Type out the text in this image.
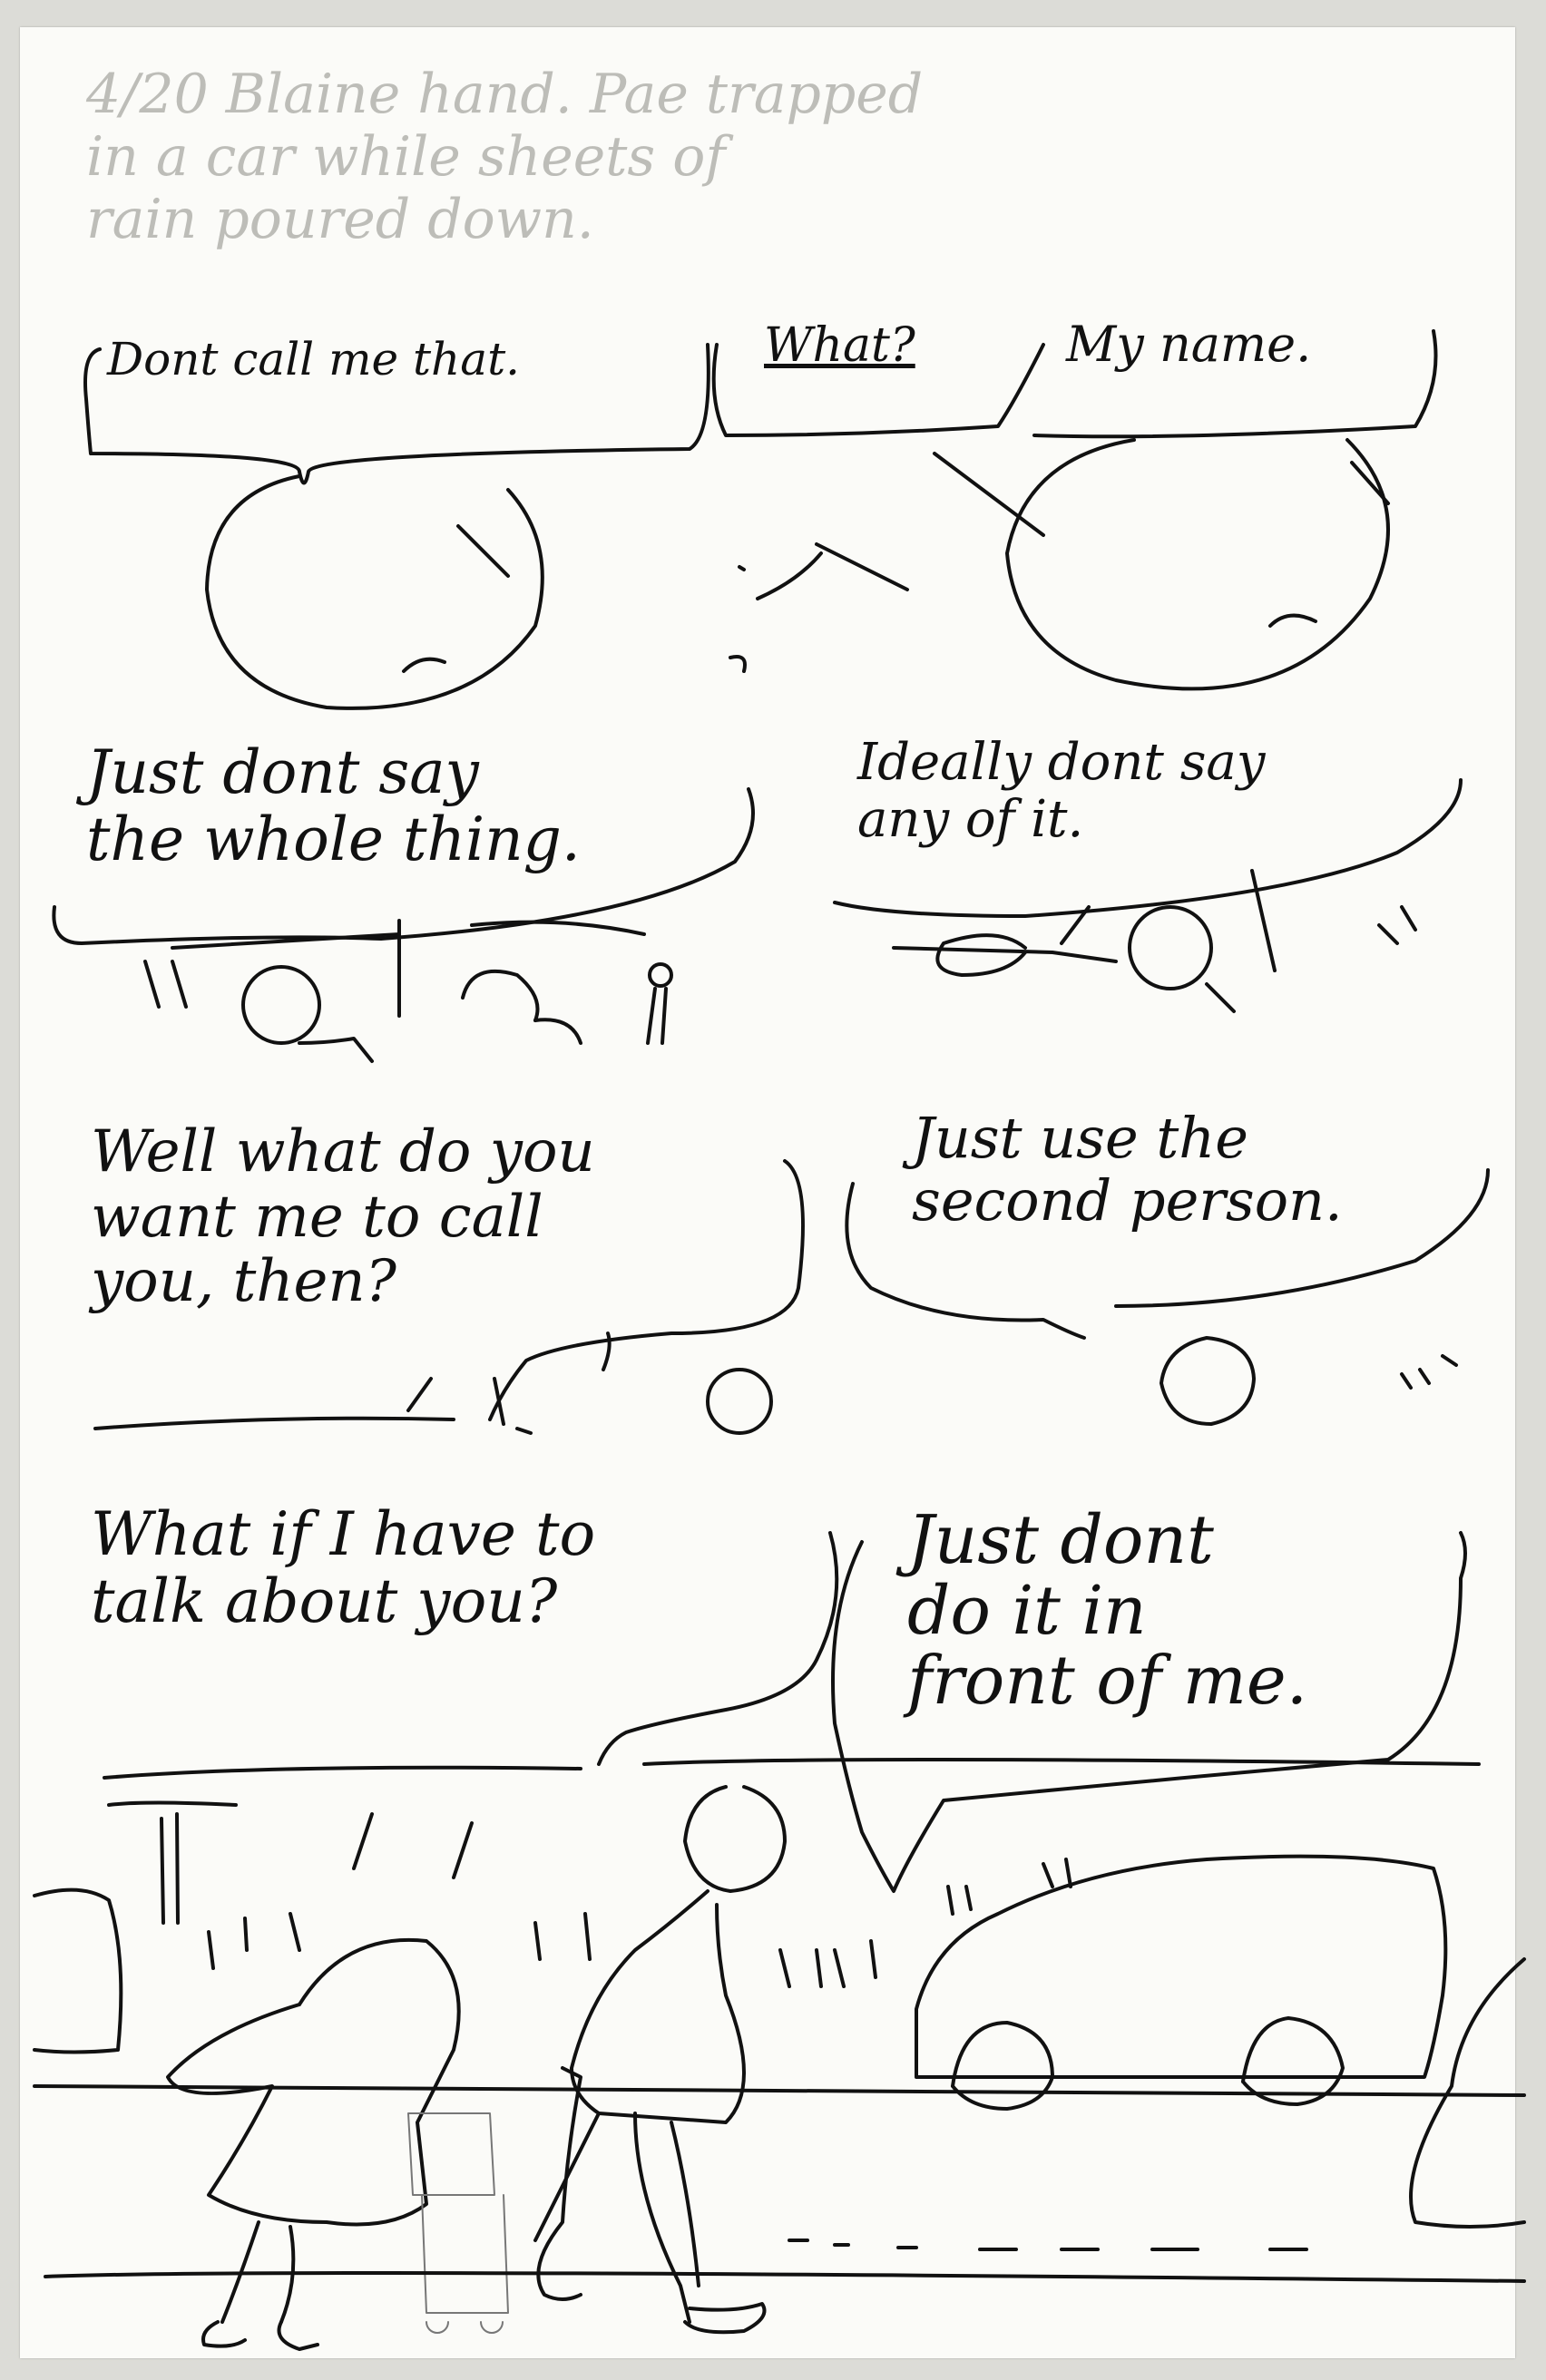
4/20 Blaine hand. Pae trapped
in a car while sheets of
rain poured down.
Dont call me that.	What?	My name.
Just dont say
the whole thing.
Ideally dont say
any of it.
Well what do you
want me to call
you, then?
Just use the
second person.
What if I have to
talk about you?
Just dont
do it in
front of me.
